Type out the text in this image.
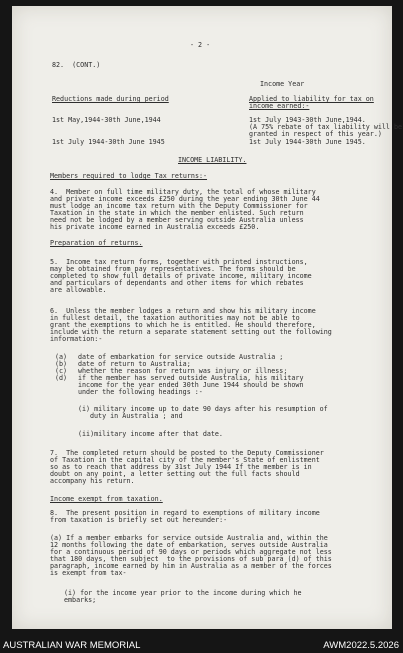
- 2 -
82.  (CONT.)
Income Year
Reductions made during period	Applied to liability for tax on
income earned:-
1st May,1944-30th June,1944	1st July 1943-30th June,1944.
(A 75% rebate of tax liability will be
granted in respect of this year.)
1st July 1944-30th June 1945	1st July 1944-30th June 1945.
INCOME LIABILITY.
Members required to lodge Tax returns:-
4.  Member on full time military duty, the total of whose military
and private income exceeds £250 during the year ending 30th June 44
must lodge an income tax return with the Deputy Commissioner for
Taxation in the state in which the member enlisted. Such return
need not be lodged by a member serving outside Australia unless
his private income earned in Australia exceeds £250.
Preparation of returns.
5.  Income tax return forms, together with printed instructions,
may be obtained from pay representatives. The forms should be
completed to show full details of private income, military income
and particulars of dependants and other items for which rebates
are allowable.
6.  Unless the member lodges a return and show his military income
in fullest detail, the taxation authorities may not be able to
grant the exemptions to which he is entitled. He should therefore,
include with the return a separate statement setting out the following
information:-
(a) date of embarkation for service outside Australia ;
(b) date of return to Australia;
(c) whether the reason for return was injury or illness;
(d) if the member has served outside Australia, his military
income for the year ended 30th June 1944 should be shown
under the following headings :-
(i) military income up to date 90 days after his resumption of
duty in Australia ; and
(ii)military income after that date.
7.  The completed return should be posted to the Deputy Commissioner
of Taxation in the capital city of the member's State of enlistment
so as to reach that address by 31st July 1944 If the member is in
doubt on any point, a letter setting out the full facts should
accompany his return.
Income exempt from taxation.
8.  The present position in regard to exemptions of military income
from taxation is briefly set out hereunder:-
(a) If a member embarks for service outside Australia and, within the
12 months following the date of embarkation, serves outside Australia
for a continuous period of 90 days or periods which aggregate not less
that 180 days, then subject  to the provisions of sub para (d) of this
paragraph, income earned by him in Australia as a member of the forces
is exempt from tax-
(i) for the income year prior to the income during which he
embarks;
AUSTRALIAN WAR MEMORIAL	AWM2022.5.2026
